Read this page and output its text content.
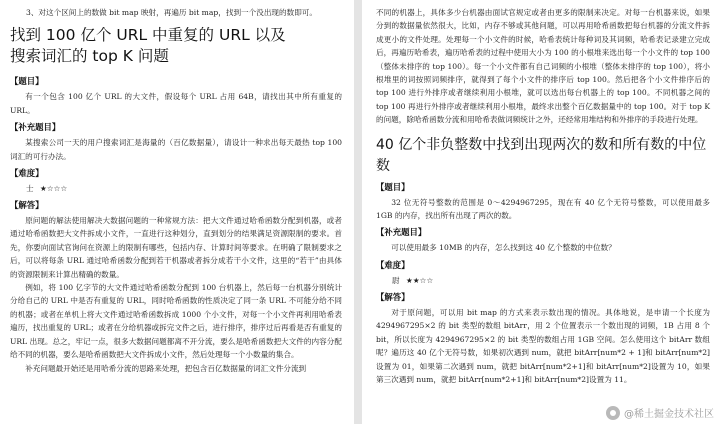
3、对这个区间上的数做 bit map 映射，再遍历 bit map，找到一个没出现的数即可。

找到 100 亿个 URL 中重复的 URL 以及
搜索词汇的 top K 问题
【题目】

有一个包含 100 亿个 URL 的大文件，假设每个 URL 占用 64B，请找出其中所有重复的 URL。

【补充题目】

某搜索公司一天的用户搜索词汇是海量的（百亿数据量），请设计一种求出每天最热 top 100 词汇的可行办法。

【难度】
士 ★☆☆☆
【解答】

原问题的解法使用解决大数据问题的一种常规方法：把大文件通过哈希函数分配到机器，或者通过哈希函数把大文件拆成小文件，一直进行这种划分，直到划分的结果满足资源限制的要求。首先，你要向面试官询问在资源上的限制有哪些，包括内存、计算时间等要求。在明确了限制要求之后，可以将每条 URL 通过哈希函数分配到若干机器或者拆分成若干小文件，这里的“若干”由具体的资源限制来计算出精确的数量。

例如，将 100 亿字节的大文件通过哈希函数分配到 100 台机器上，然后每一台机器分别统计分给自己的 URL 中是否有重复的 URL，同时哈希函数的性质决定了同一条 URL 不可能分给不同的机器；或者在单机上将大文件通过哈希函数拆成 1000 个小文件，对每一个小文件再利用哈希表遍历，找出重复的 URL；或者在分给机器或拆完文件之后，进行排序，排序过后再看是否有重复的 URL 出现。总之，牢记一点，很多大数据问题都离不开分流，要么是哈希函数把大文件的内容分配给不同的机器，要么是哈希函数把大文件拆成小文件，然后处理每一个小数量的集合。

补充问题最开始还是用哈希分流的思路来处理，把包含百亿数据量的词汇文件分流到

不同的机器上，具体多少台机器由面试官规定或者由更多的限制来决定。对每一台机器来说，如果分到的数据量依然很大，比如，内存不够或其他问题，可以再用哈希函数把每台机器的分流文件拆成更小的文件处理。处理每一个小文件的时候，哈希表统计每种词及其词频，哈希表记录建立完成后，再遍历哈希表，遍历哈希表的过程中使用大小为 100 的小根堆来选出每一个小文件的 top 100（整体未排序的 top 100）。每一个小文件都有自己词频的小根堆（整体未排序的 top 100），将小根堆里的词按照词频排序，就得到了每个小文件的排序后 top 100。然后把各个小文件排序后的 top 100 进行外排序或者继续利用小根堆，就可以选出每台机器上的 top 100。不同机器之间的 top 100 再进行外排序或者继续利用小根堆，最终求出整个百亿数据量中的 top 100。对于 top K 的问题，除哈希函数分流和用哈希表做词频统计之外，还经常用堆结构和外排序的手段进行处理。

40 亿个非负整数中找到出现两次的数和所有数的中位数
【题目】

32 位无符号整数的范围是 0～4294967295，现在有 40 亿个无符号整数，可以使用最多 1GB 的内存，找出所有出现了两次的数。

【补充题目】

可以使用最多 10MB 的内存，怎么找到这 40 亿个整数的中位数？

【难度】
尉 ★★☆☆
【解答】

对于原问题，可以用 bit map 的方式来表示数出现的情况。具体地说，是申请一个长度为 4294967295×2 的 bit 类型的数组 bitArr，用 2 个位置表示一个数出现的词频，1B 占用 8 个 bit，所以长度为 4294967295×2 的 bit 类型的数组占用 1GB 空间。怎么使用这个 bitArr 数组呢？遍历这 40 亿个无符号数，如果初次遇到 num，就把 bitArr[num*2 + 1]和 bitArr[num*2]设置为 01，如果第二次遇到 num，就把 bitArr[num*2+1]和 bitArr[num*2]设置为 10，如果第三次遇到 num，就把 bitArr[num*2+1]和 bitArr[num*2]设置为 11。

@稀土掘金技术社区
